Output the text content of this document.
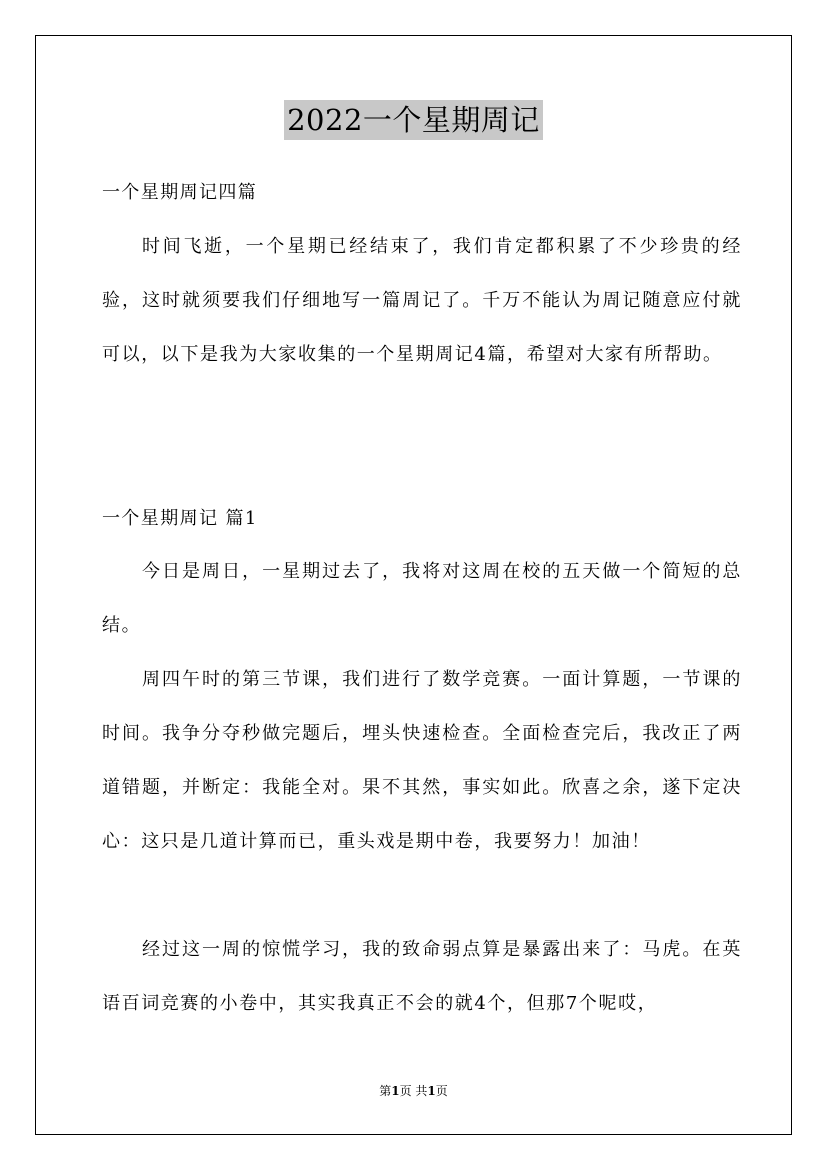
2022一个星期周记

一个星期周记四篇

时间飞逝，一个星期已经结束了，我们肯定都积累了不少珍贵的经验，这时就须要我们仔细地写一篇周记了。千万不能认为周记随意应付就可以，以下是我为大家收集的一个星期周记4篇，希望对大家有所帮助。

一个星期周记 篇1

今日是周日，一星期过去了，我将对这周在校的五天做一个简短的总结。

周四午时的第三节课，我们进行了数学竞赛。一面计算题，一节课的时间。我争分夺秒做完题后，埋头快速检查。全面检查完后，我改正了两道错题，并断定：我能全对。果不其然，事实如此。欣喜之余，遂下定决心：这只是几道计算而已，重头戏是期中卷，我要努力！加油！

经过这一周的惊慌学习，我的致命弱点算是暴露出来了：马虎。在英语百词竞赛的小卷中，其实我真正不会的就4个，但那7个呢哎，

第1页 共1页
